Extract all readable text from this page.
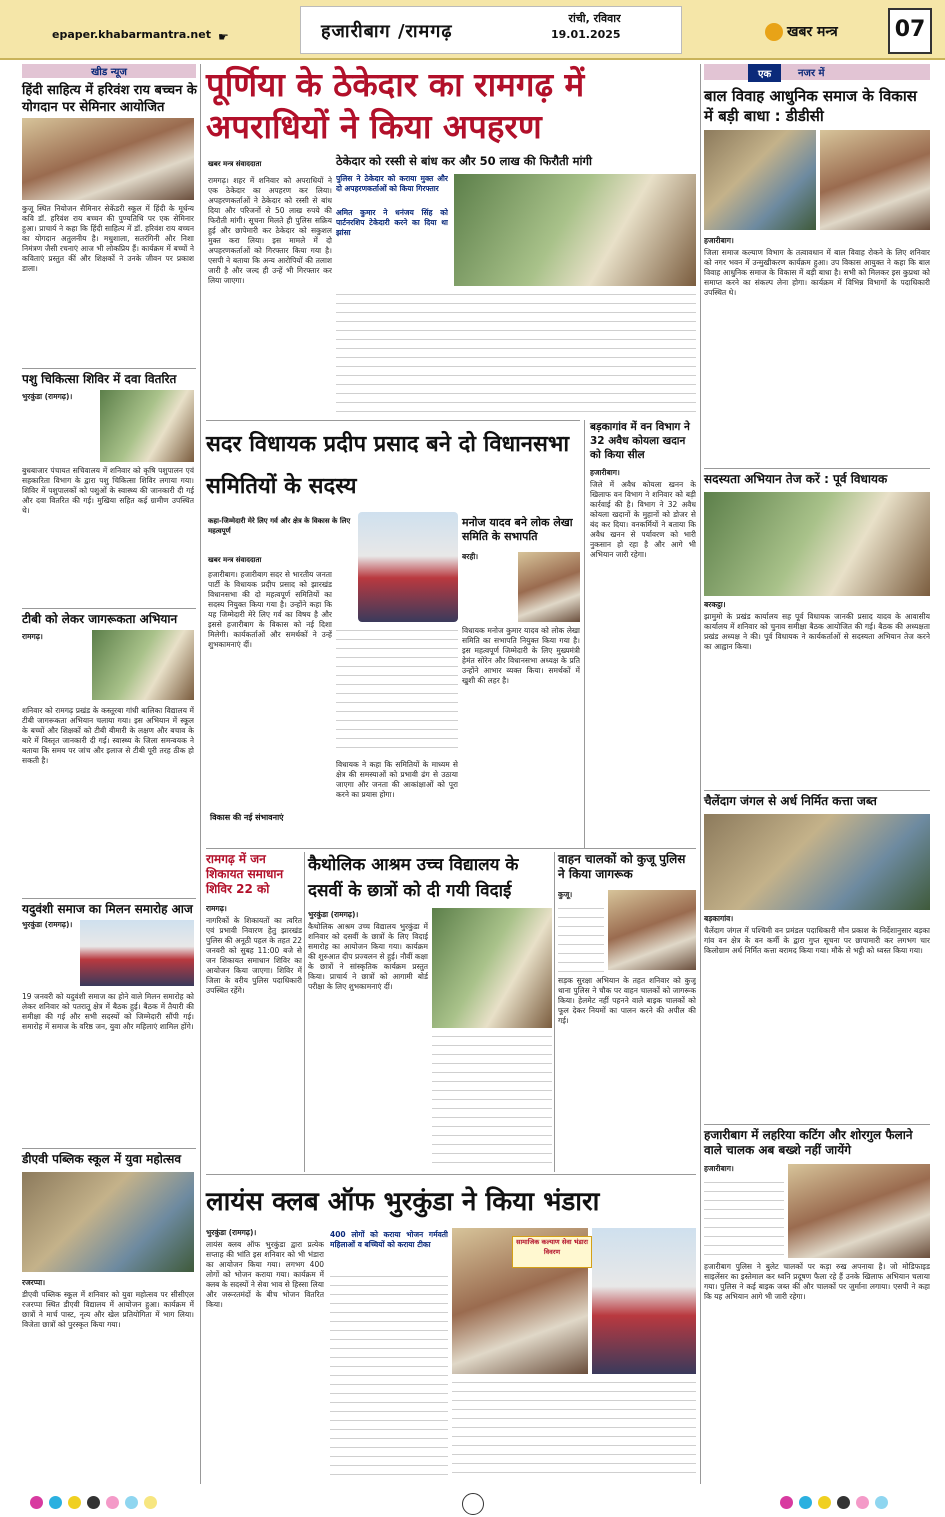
epaper.khabarmantra.net ☛	हजारीबाग /रामगढ़
रांची, रविवार
19.01.2025	खबर मन्त्र	07
खीड न्यूज
हिंदी साहित्य में हरिवंश राय बच्चन के योगदान पर सेमिनार आयोजित
कुजू स्थित नियोजन सैमिनार सेकेंडरी स्कूल में हिंदी के मूर्धन्य कवि डॉ. हरिवंश राय बच्चन की पुण्यतिथि पर एक सेमिनार हुआ। प्राचार्य ने कहा कि हिंदी साहित्य में डॉ. हरिवंश राय बच्चन का योगदान अतुलनीय है। मधुशाला, सतरंगिनी और निशा निमंत्रण जैसी रचनाएं आज भी लोकप्रिय हैं। कार्यक्रम में बच्चों ने कविताएं प्रस्तुत कीं और शिक्षकों ने उनके जीवन पर प्रकाश डाला।
पशु चिकित्सा शिविर में दवा वितरित
भुरकुंडा (रामगढ़)।
बुधबाजार पंचायत सचिवालय में शनिवार को कृषि पशुपालन एवं सहकारिता विभाग के द्वारा पशु चिकित्सा शिविर लगाया गया। शिविर में पशुपालकों को पशुओं के स्वास्थ्य की जानकारी दी गई और दवा वितरित की गई। मुखिया सहित कई ग्रामीण उपस्थित थे।
टीबी को लेकर जागरूकता अभियान
रामगढ़।
शनिवार को रामगढ़ प्रखंड के कस्तूरबा गांधी बालिका विद्यालय में टीबी जागरूकता अभियान चलाया गया। इस अभियान में स्कूल के बच्चों और शिक्षकों को टीबी बीमारी के लक्षण और बचाव के बारे में विस्तृत जानकारी दी गई। स्वास्थ्य के जिला समन्वयक ने बताया कि समय पर जांच और इलाज से टीबी पूरी तरह ठीक हो सकती है।
यदुवंशी समाज का मिलन समारोह आज
भुरकुंडा (रामगढ़)।
19 जनवरी को यदुवंशी समाज का होने वाले मिलन समारोह को लेकर शनिवार को पतरातू क्षेत्र में बैठक हुई। बैठक में तैयारी की समीक्षा की गई और सभी सदस्यों को जिम्मेदारी सौंपी गई। समारोह में समाज के वरिष्ठ जन, युवा और महिलाएं शामिल होंगे।
डीएवी पब्लिक स्कूल में युवा महोत्सव
रजरप्पा।
डीएवी पब्लिक स्कूल में शनिवार को युवा महोत्सव पर सीसीएल रजरप्पा स्थित डीएवी विद्यालय में आयोजन हुआ। कार्यक्रम में छात्रों ने मार्च पास्ट, नृत्य और खेल प्रतियोगिता में भाग लिया। विजेता छात्रों को पुरस्कृत किया गया।
पूर्णिया के ठेकेदार का रामगढ़ में अपराधियों ने किया अपहरण
ठेकेदार को रस्सी से बांध कर और 50 लाख की फिरौती मांगी
खबर मन्त्र संवाददाता
रामगढ़। शहर में शनिवार को अपराधियों ने एक ठेकेदार का अपहरण कर लिया। अपहरणकर्ताओं ने ठेकेदार को रस्सी से बांध दिया और परिजनों से 50 लाख रुपये की फिरौती मांगी। सूचना मिलते ही पुलिस सक्रिय हुई और छापेमारी कर ठेकेदार को सकुशल मुक्त करा लिया। इस मामले में दो अपहरणकर्ताओं को गिरफ्तार किया गया है। एसपी ने बताया कि अन्य आरोपियों की तलाश जारी है और जल्द ही उन्हें भी गिरफ्तार कर लिया जाएगा।
पुलिस ने ठेकेदार को कराया मुक्त और दो अपहरणकर्ताओं को किया गिरफ्तार
अमित कुमार ने धनंजय सिंह को पार्टनरशिप टेकेदारी करने का दिया था झांसा
सदर विधायक प्रदीप प्रसाद बने दो विधानसभा समितियों के सदस्य
कहा-जिम्मेदारी मेरे लिए गर्व और क्षेत्र के विकास के लिए महत्वपूर्ण
खबर मन्त्र संवाददाता
हजारीबाग। हजारीबाग सदर से भारतीय जनता पार्टी के विधायक प्रदीप प्रसाद को झारखंड विधानसभा की दो महत्वपूर्ण समितियों का सदस्य नियुक्त किया गया है। उन्होंने कहा कि यह जिम्मेदारी मेरे लिए गर्व का विषय है और इससे हजारीबाग के विकास को नई दिशा मिलेगी। कार्यकर्ताओं और समर्थकों ने उन्हें शुभकामनाएं दीं।
विकास की नई संभावनाएं
विधायक ने कहा कि समितियों के माध्यम से क्षेत्र की समस्याओं को प्रभावी ढंग से उठाया जाएगा और जनता की आकांक्षाओं को पूरा करने का प्रयास होगा।
मनोज यादव बने लोक लेखा समिति के सभापति
बरही।
विधायक मनोज कुमार यादव को लोक लेखा समिति का सभापति नियुक्त किया गया है। इस महत्वपूर्ण जिम्मेदारी के लिए मुख्यमंत्री हेमंत सोरेन और विधानसभा अध्यक्ष के प्रति उन्होंने आभार व्यक्त किया। समर्थकों में खुशी की लहर है।
बड़कागांव में वन विभाग ने 32 अवैध कोयला खदान को किया सील
हजारीबाग।
जिले में अवैध कोयला खनन के खिलाफ वन विभाग ने शनिवार को बड़ी कार्रवाई की है। विभाग ने 32 अवैध कोयला खदानों के मुहानों को डोजर से बंद कर दिया। वनकर्मियों ने बताया कि अवैध खनन से पर्यावरण को भारी नुकसान हो रहा है और आगे भी अभियान जारी रहेगा।
रामगढ़ में जन शिकायत समाधान शिविर 22 को
रामगढ़।
नागरिकों के शिकायतों का त्वरित एवं प्रभावी निवारण हेतु झारखंड पुलिस की अनूठी पहल के तहत 22 जनवरी को सुबह 11:00 बजे से जन शिकायत समाधान शिविर का आयोजन किया जाएगा। शिविर में जिला के वरीय पुलिस पदाधिकारी उपस्थित रहेंगे।
कैथोलिक आश्रम उच्च विद्यालय के दसवीं के छात्रों को दी गयी विदाई
भुरकुंडा (रामगढ़)।
कैथोलिक आश्रम उच्च विद्यालय भुरकुंडा में शनिवार को दसवीं के छात्रों के लिए विदाई समारोह का आयोजन किया गया। कार्यक्रम की शुरुआत दीप प्रज्वलन से हुई। नौवीं कक्षा के छात्रों ने सांस्कृतिक कार्यक्रम प्रस्तुत किया। प्राचार्य ने छात्रों को आगामी बोर्ड परीक्षा के लिए शुभकामनाएं दीं।
वाहन चालकों को कुजू पुलिस ने किया जागरूक
कुजू।
सड़क सुरक्षा अभियान के तहत शनिवार को कुजू थाना पुलिस ने चौक पर वाहन चालकों को जागरूक किया। हेलमेट नहीं पहनने वाले बाइक चालकों को फूल देकर नियमों का पालन करने की अपील की गई।
लायंस क्लब ऑफ भुरकुंडा ने किया भंडारा
भुरकुंडा (रामगढ़)।
लायंस क्लब ऑफ भुरकुंडा द्वारा प्रत्येक सप्ताह की भांति इस शनिवार को भी भंडारा का आयोजन किया गया। लगभग 400 लोगों को भोजन कराया गया। कार्यक्रम में क्लब के सदस्यों ने सेवा भाव से हिस्सा लिया और जरूरतमंदों के बीच भोजन वितरित किया।
400 लोगों को कराया भोजन गर्मवती महिलाओं व बच्चियों को कराया टीका	सामाजिक कल्याण सेवा भंडारा विवरण
एक	नजर में
बाल विवाह आधुनिक समाज के विकास में बड़ी बाधा : डीडीसी
हजारीबाग।
जिला समाज कल्याण विभाग के तत्वावधान में बाल विवाह रोकने के लिए शनिवार को नगर भवन में उन्मुखीकरण कार्यक्रम हुआ। उप विकास आयुक्त ने कहा कि बाल विवाह आधुनिक समाज के विकास में बड़ी बाधा है। सभी को मिलकर इस कुप्रथा को समाप्त करने का संकल्प लेना होगा। कार्यक्रम में विभिन्न विभागों के पदाधिकारी उपस्थित थे।
सदस्यता अभियान तेज करें : पूर्व विधायक
बरकट्ठा।
झामुमो के प्रखंड कार्यालय सह पूर्व विधायक जानकी प्रसाद यादव के आवासीय कार्यालय में शनिवार को चुनाव समीक्षा बैठक आयोजित की गई। बैठक की अध्यक्षता प्रखंड अध्यक्ष ने की। पूर्व विधायक ने कार्यकर्ताओं से सदस्यता अभियान तेज करने का आह्वान किया।
चैलेंदाग जंगल से अर्ध निर्मित कत्ता जब्त
बड़कागांव।
चैलेंदाग जंगल में पश्चिमी वन प्रमंडल पदाधिकारी मौन प्रकाश के निर्देशानुसार बड़का गांव वन क्षेत्र के वन कर्मी के द्वारा गुप्त सूचना पर छापामारी कर लगभग चार किलोग्राम अर्ध निर्मित कत्ता बरामद किया गया। मौके से भट्ठी को ध्वस्त किया गया।
हजारीबाग में लहरिया कटिंग और शोरगुल फैलाने वाले चालक अब बख्शे नहीं जायेंगे
हजारीबाग।
हजारीबाग पुलिस ने बुलेट चालकों पर कड़ा रुख अपनाया है। जो मोडिफाइड साइलेंसर का इस्तेमाल कर ध्वनि प्रदूषण फैला रहे हैं उनके खिलाफ अभियान चलाया गया। पुलिस ने कई बाइक जब्त कीं और चालकों पर जुर्माना लगाया। एसपी ने कहा कि यह अभियान आगे भी जारी रहेगा।
